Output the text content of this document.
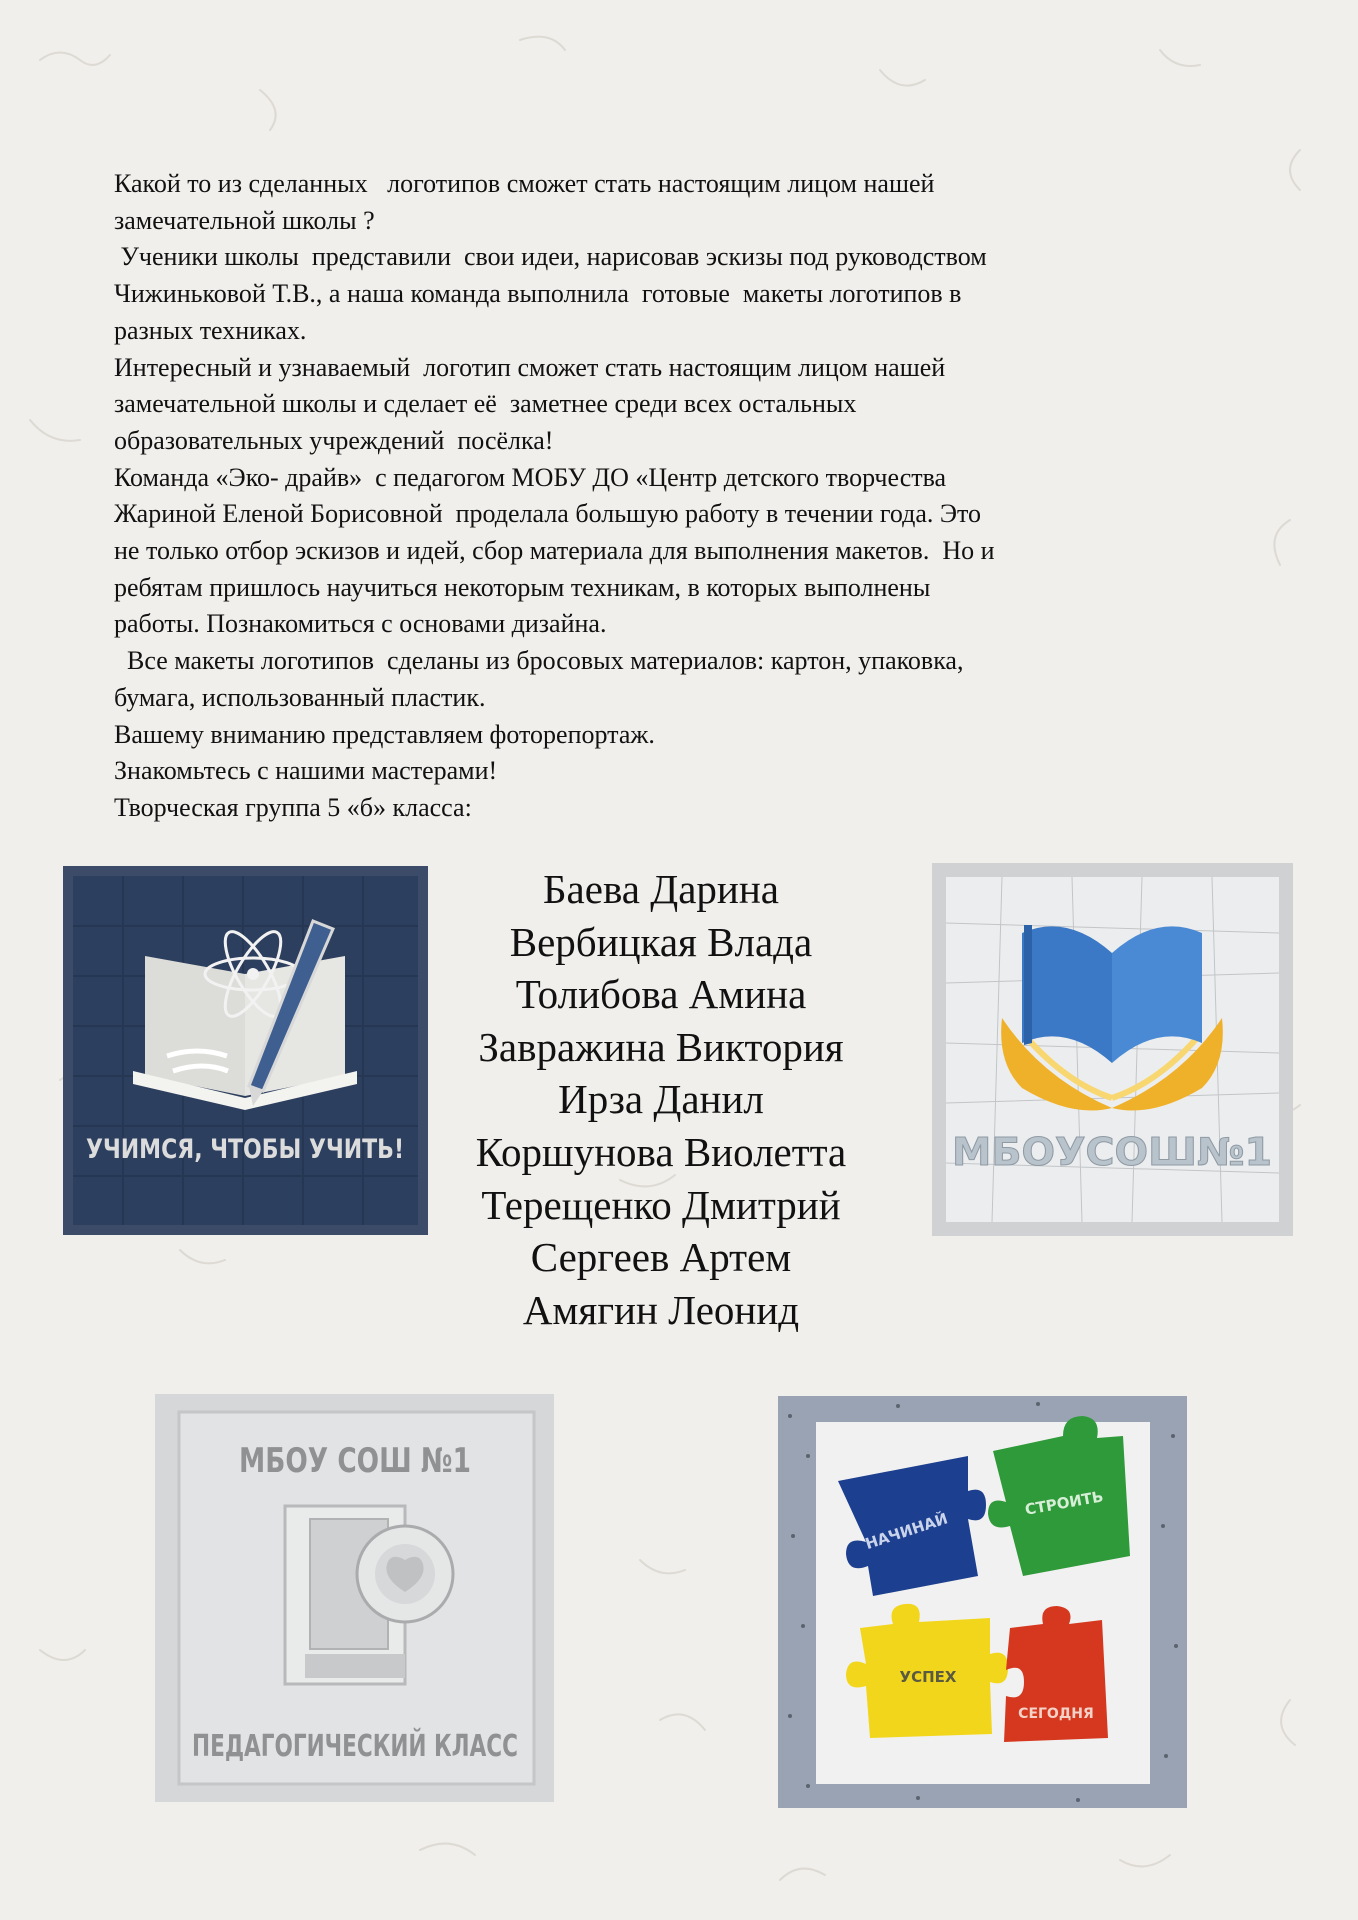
Какой то из сделанных   логотипов сможет стать настоящим лицом нашей

замечательной школы ?

Ученики школы  представили  свои идеи, нарисовав эскизы под руководством

Чижиньковой Т.В., а наша команда выполнила  готовые  макеты логотипов в

разных техниках.

Интересный и узнаваемый  логотип сможет стать настоящим лицом нашей

замечательной школы и сделает её  заметнее среди всех остальных

образовательных учреждений  посёлка!

Команда «Эко- драйв»  с педагогом МОБУ ДО «Центр детского творчества

Жариной Еленой Борисовной  проделала большую работу в течении года. Это

не только отбор эскизов и идей, сбор материала для выполнения макетов.  Но и

ребятам пришлось научиться некоторым техникам, в которых выполнены

работы. Познакомиться с основами дизайна.

Все макеты логотипов  сделаны из бросовых материалов: картон, упаковка,

бумага, использованный пластик.

Вашему вниманию представляем фоторепортаж.

Знакомьтесь с нашими мастерами!

Творческая группа 5 «б» класса:

Баева Дарина
Вербицкая Влада
Толибова Амина
Завражина Виктория
Ирза Данил
Коршунова Виолетта
Терещенко Дмитрий
Сергеев Артем
Амягин Леонид
УЧИМСЯ, ЧТОБЫ УЧИТЬ!	МБОУСОШ№1
МБОУ СОШ №1
ПЕДАГОГИЧЕСКИЙ КЛАСС
НАЧИНАЙ
СТРОИТЬ
УСПЕХ
СЕГОДНЯ
